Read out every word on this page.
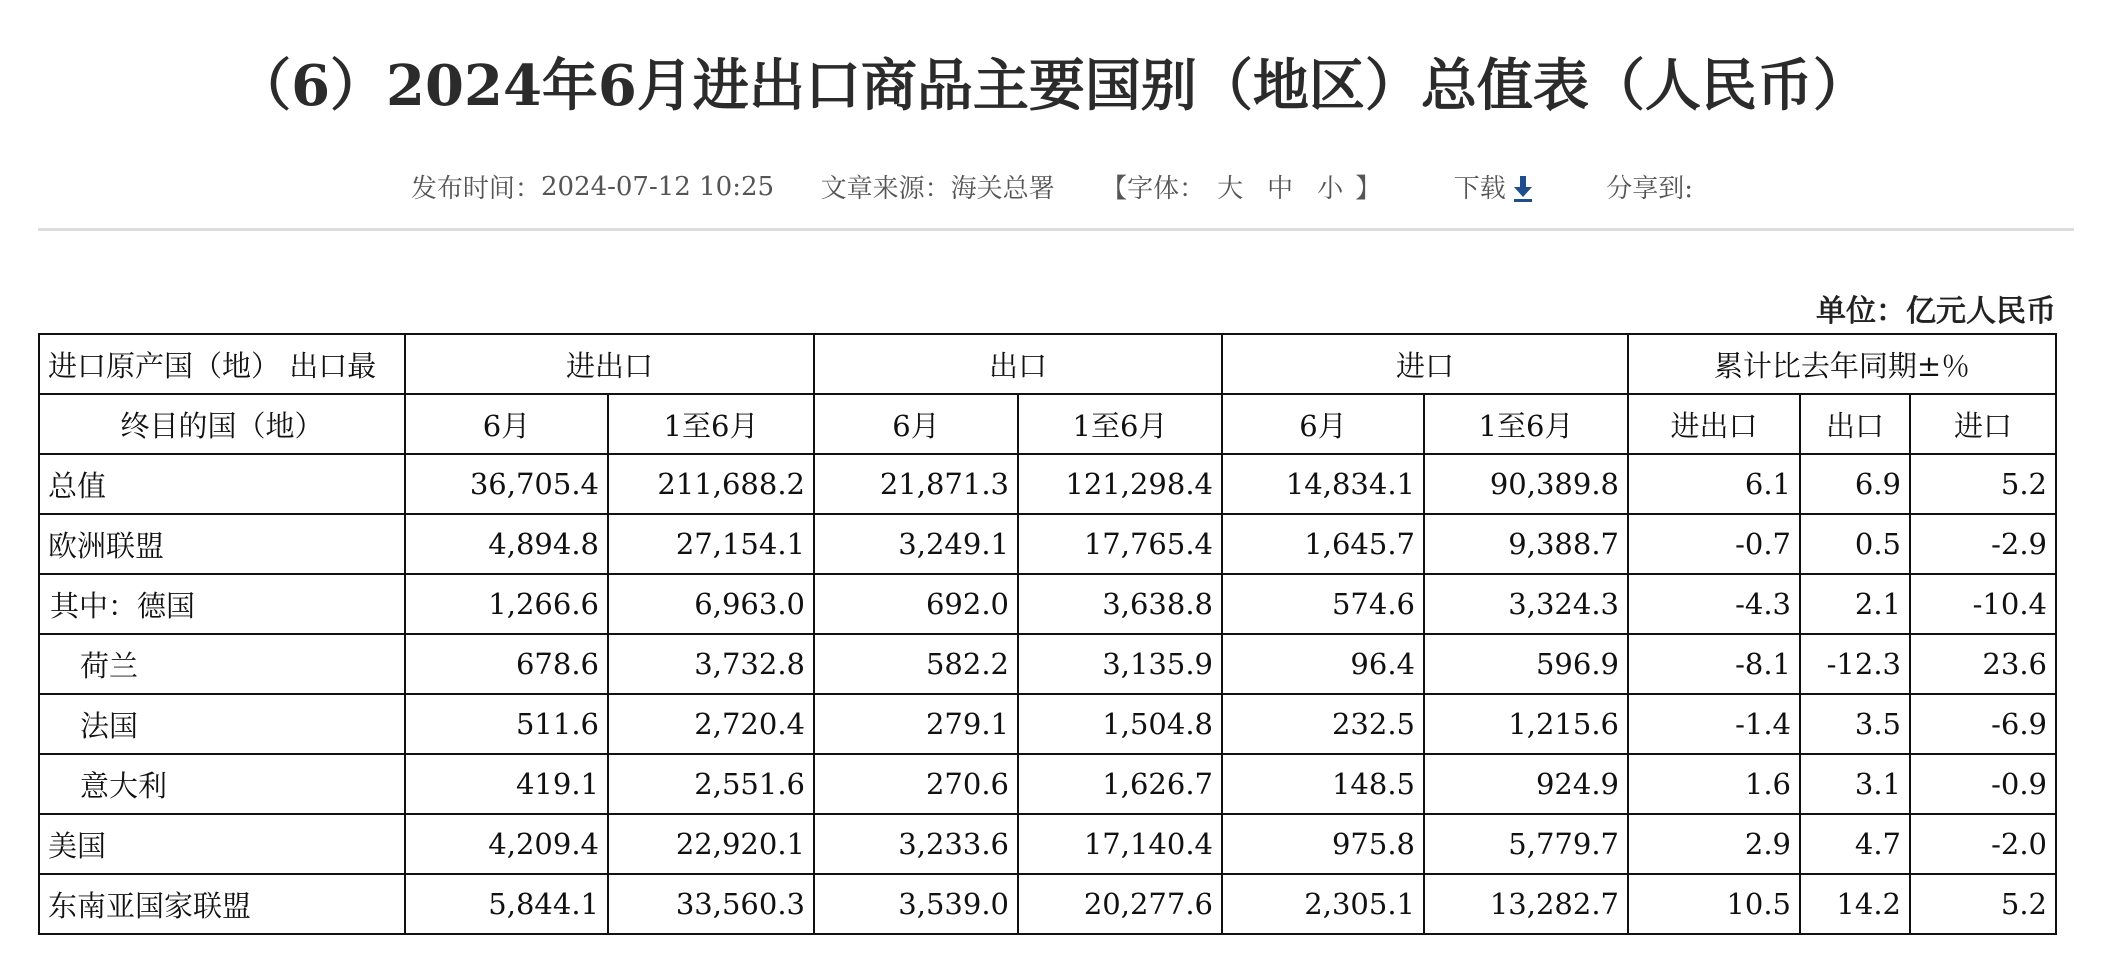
（6）2024年6月进出口商品主要国别（地区）总值表（人民币）
发布时间：2024-07-12 10:25 文章来源：海关总署 【字体： 大 中 小 】	下载	分享到:
单位：亿元人民币
进口原产国（地） 出口最	进出口		出口		进口		累计比去年同期±％		
终目的国（地）	6月	1至6月	6月	1至6月	6月	1至6月	进出口	出口	进口
总值	36,705.4	211,688.2	21,871.3	121,298.4	14,834.1	90,389.8	6.1	6.9	5.2
欧洲联盟	4,894.8	27,154.1	3,249.1	17,765.4	1,645.7	9,388.7	-0.7	0.5	-2.9
其中：德国	1,266.6	6,963.0	692.0	3,638.8	574.6	3,324.3	-4.3	2.1	-10.4
荷兰	678.6	3,732.8	582.2	3,135.9	96.4	596.9	-8.1	-12.3	23.6
法国	511.6	2,720.4	279.1	1,504.8	232.5	1,215.6	-1.4	3.5	-6.9
意大利	419.1	2,551.6	270.6	1,626.7	148.5	924.9	1.6	3.1	-0.9
美国	4,209.4	22,920.1	3,233.6	17,140.4	975.8	5,779.7	2.9	4.7	-2.0
东南亚国家联盟	5,844.1	33,560.3	3,539.0	20,277.6	2,305.1	13,282.7	10.5	14.2	5.2
